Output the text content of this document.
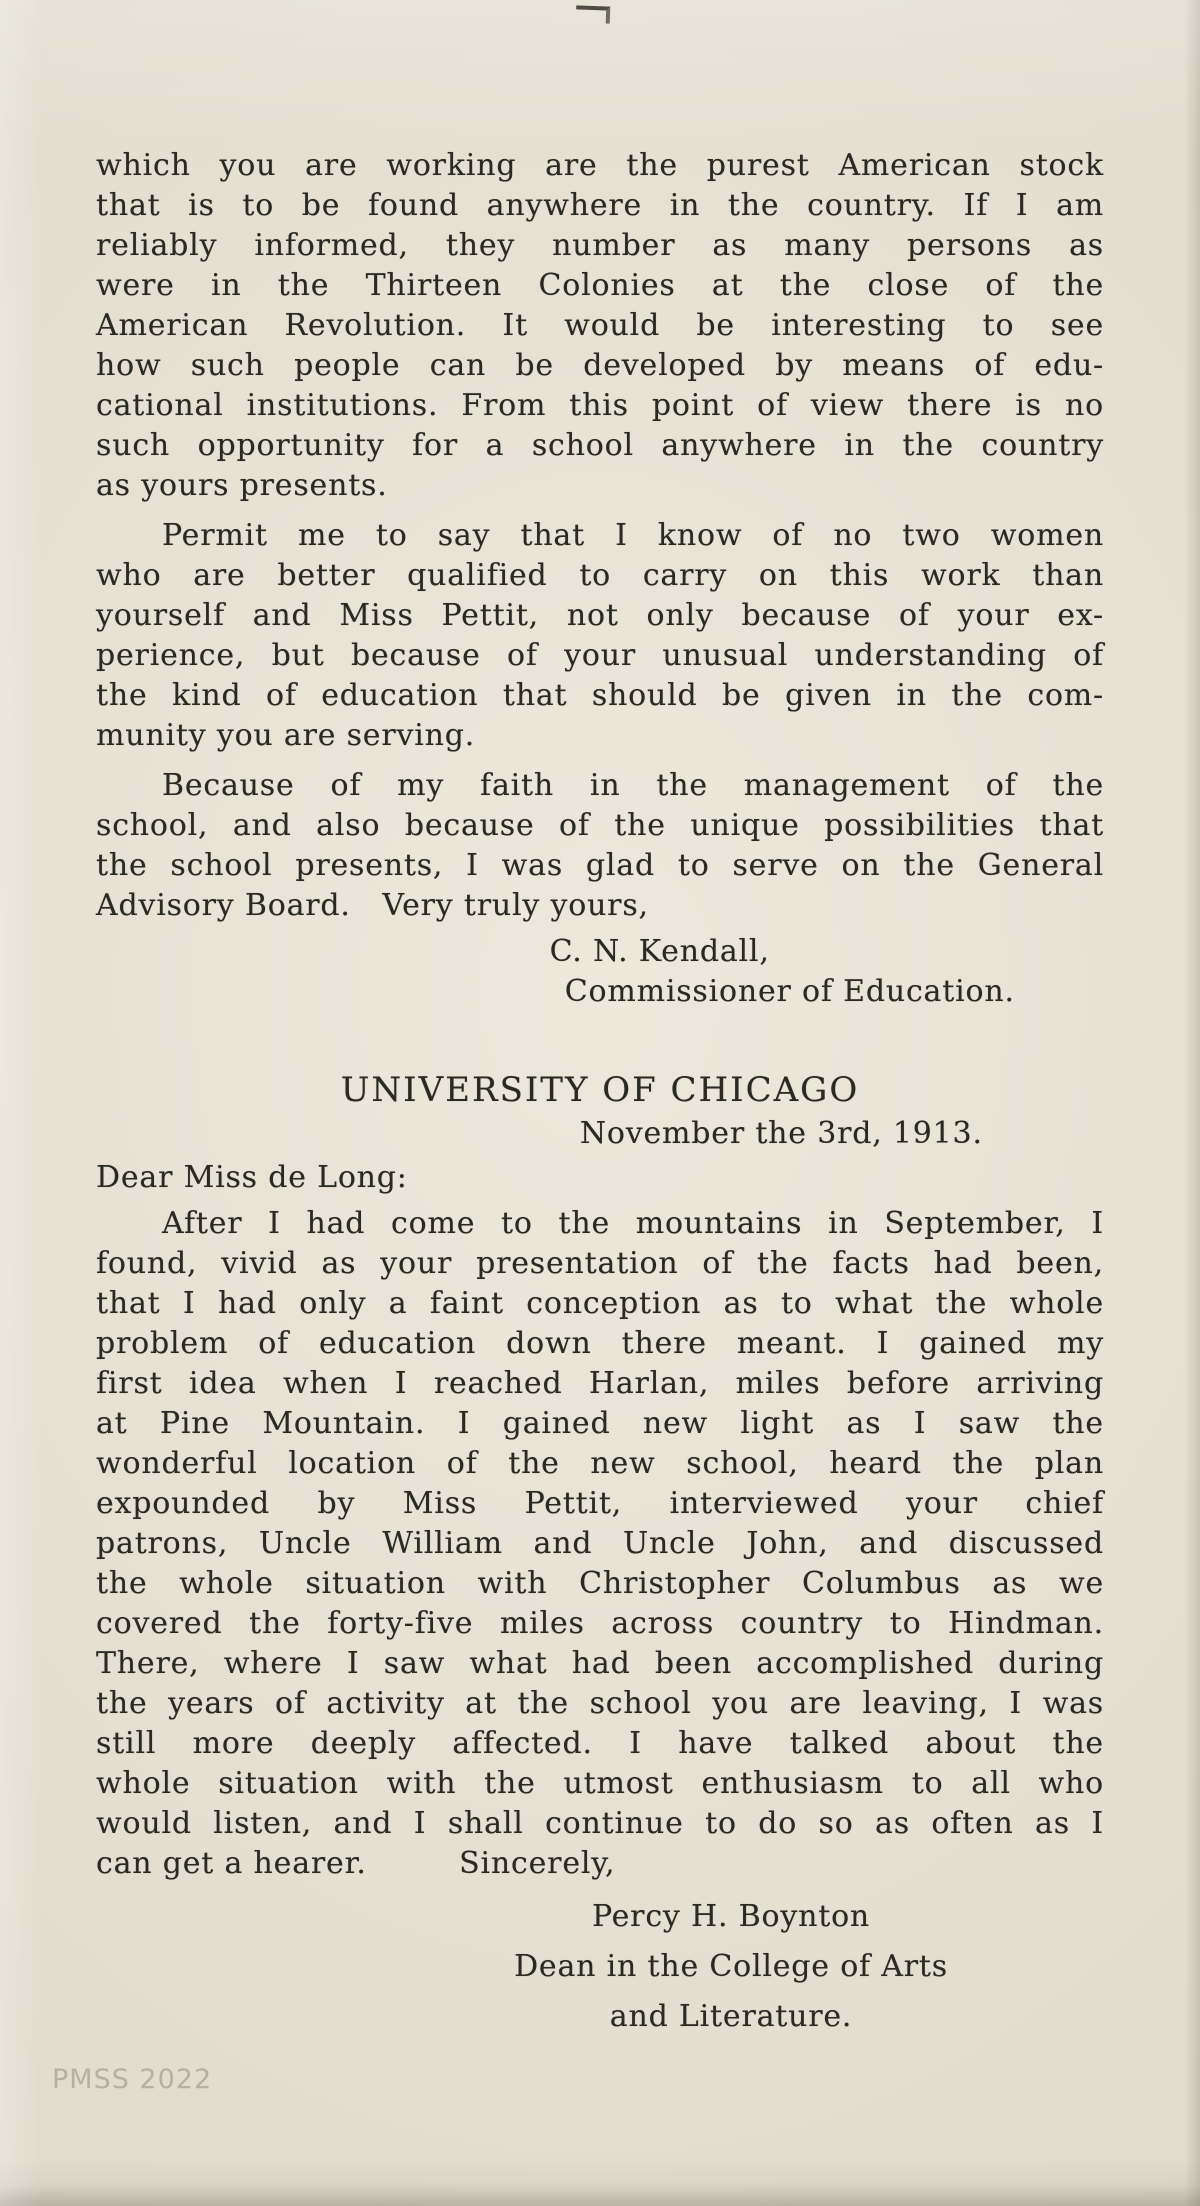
which you are working are the purest American stock
that is to be found anywhere in the country. If I am
reliably informed, they number as many persons as
were in the Thirteen Colonies at the close of the
American Revolution. It would be interesting to see
how such people can be developed by means of edu-
cational institutions. From this point of view there is no
such opportunity for a school anywhere in the country
as yours presents.
Permit me to say that I know of no two women
who are better qualified to carry on this work than
yourself and Miss Pettit, not only because of your ex-
perience, but because of your unusual understanding of
the kind of education that should be given in the com-
munity you are serving.
Because of my faith in the management of the
school, and also because of the unique possibilities that
the school presents, I was glad to serve on the General
Advisory Board.  Very truly yours,
C. N. Kendall,
Commissioner of Education.
UNIVERSITY OF CHICAGO
November the 3rd, 1913.
Dear Miss de Long:
After I had come to the mountains in September, I
found, vivid as your presentation of the facts had been,
that I had only a faint conception as to what the whole
problem of education down there meant. I gained my
first idea when I reached Harlan, miles before arriving
at Pine Mountain. I gained new light as I saw the
wonderful location of the new school, heard the plan
expounded by Miss Pettit, interviewed your chief
patrons, Uncle William and Uncle John, and discussed
the whole situation with Christopher Columbus as we
covered the forty-five miles across country to Hindman.
There, where I saw what had been accomplished during
the years of activity at the school you are leaving, I was
still more deeply affected. I have talked about the
whole situation with the utmost enthusiasm to all who
would listen, and I shall continue to do so as often as I
can get a hearer.   Sincerely,
Percy H. Boynton
Dean in the College of Arts
and Literature.
PMSS 2022
